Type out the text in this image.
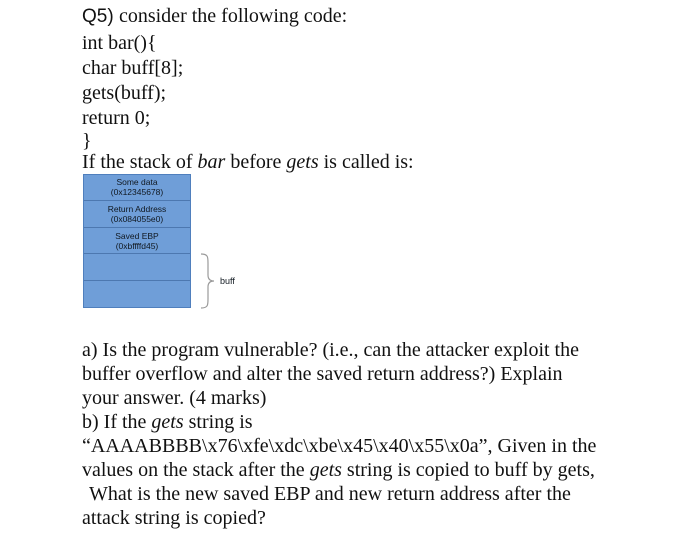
Q5) consider the following code:
int bar(){
char buff[8];
gets(buff);
return 0;
}
If the stack of bar before gets is called is:
Some data
(0x12345678)
Return Address
(0x084055e0)
Saved EBP
(0xbffffd45)
buff
a) Is the program vulnerable? (i.e., can the attacker exploit the
buffer overflow and alter the saved return address?) Explain
your answer. (4 marks)
b) If the gets string is
“AAAABBBB\x76\xfe\xdc\xbe\x45\x40\x55\x0a”, Given in the
values on the stack after the gets string is copied to buff by gets,
What is the new saved EBP and new return address after the
attack string is copied?
